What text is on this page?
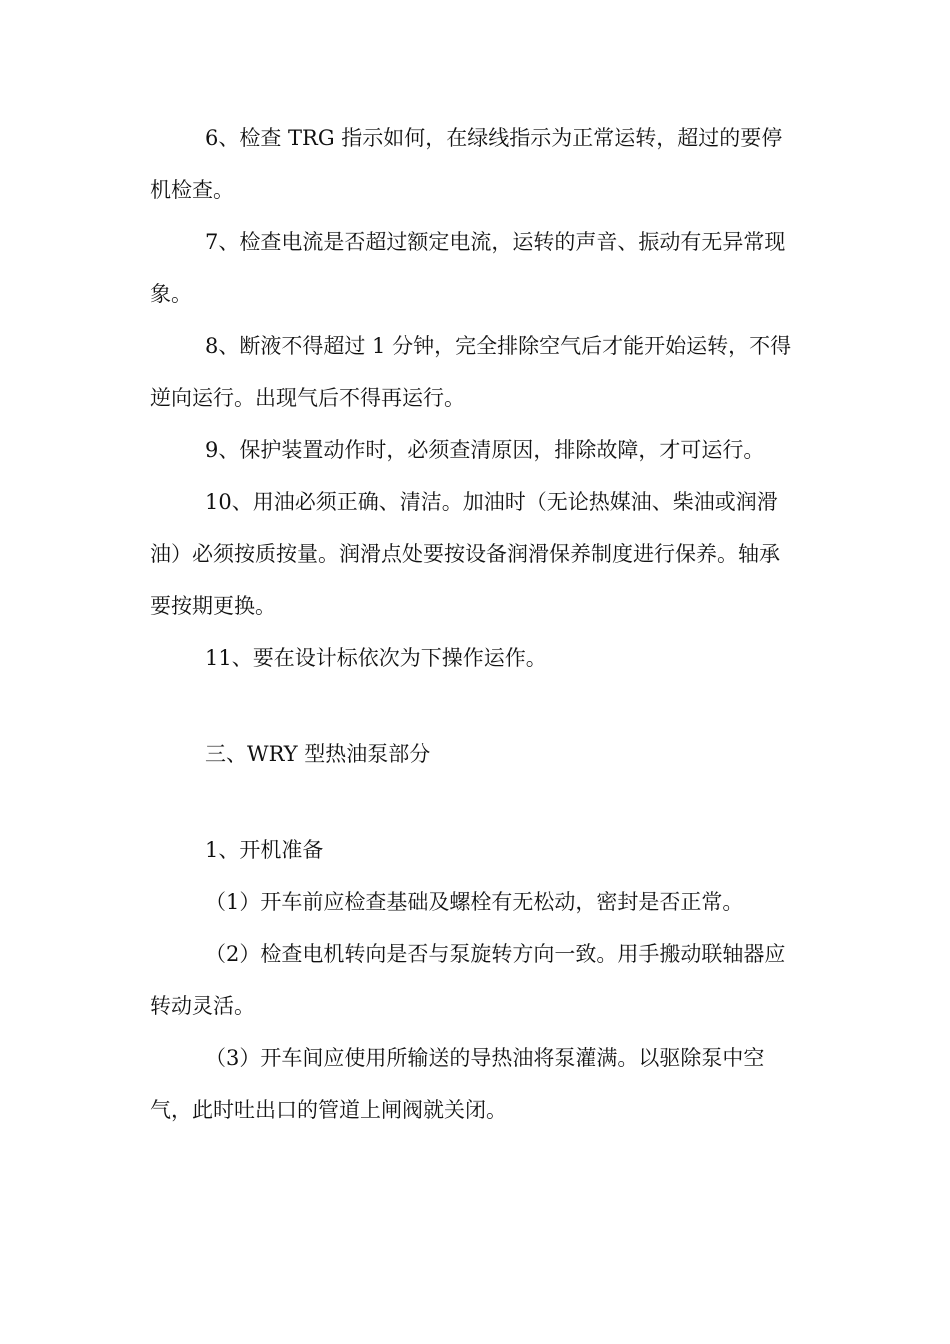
6、检查 TRG 指示如何，在绿线指示为正常运转，超过的要停机检查。

7、检查电流是否超过额定电流，运转的声音、振动有无异常现象。

8、断液不得超过 1 分钟，完全排除空气后才能开始运转，不得逆向运行。出现气后不得再运行。

9、保护装置动作时，必须查清原因，排除故障，才可运行。

10、用油必须正确、清洁。加油时（无论热媒油、柴油或润滑油）必须按质按量。润滑点处要按设备润滑保养制度进行保养。轴承要按期更换。

11、要在设计标依次为下操作运作。

三、WRY 型热油泵部分

1、开机准备

（1）开车前应检查基础及螺栓有无松动，密封是否正常。

（2）检查电机转向是否与泵旋转方向一致。用手搬动联轴器应转动灵活。

（3）开车间应使用所输送的导热油将泵灌满。以驱除泵中空气，此时吐出口的管道上闸阀就关闭。
